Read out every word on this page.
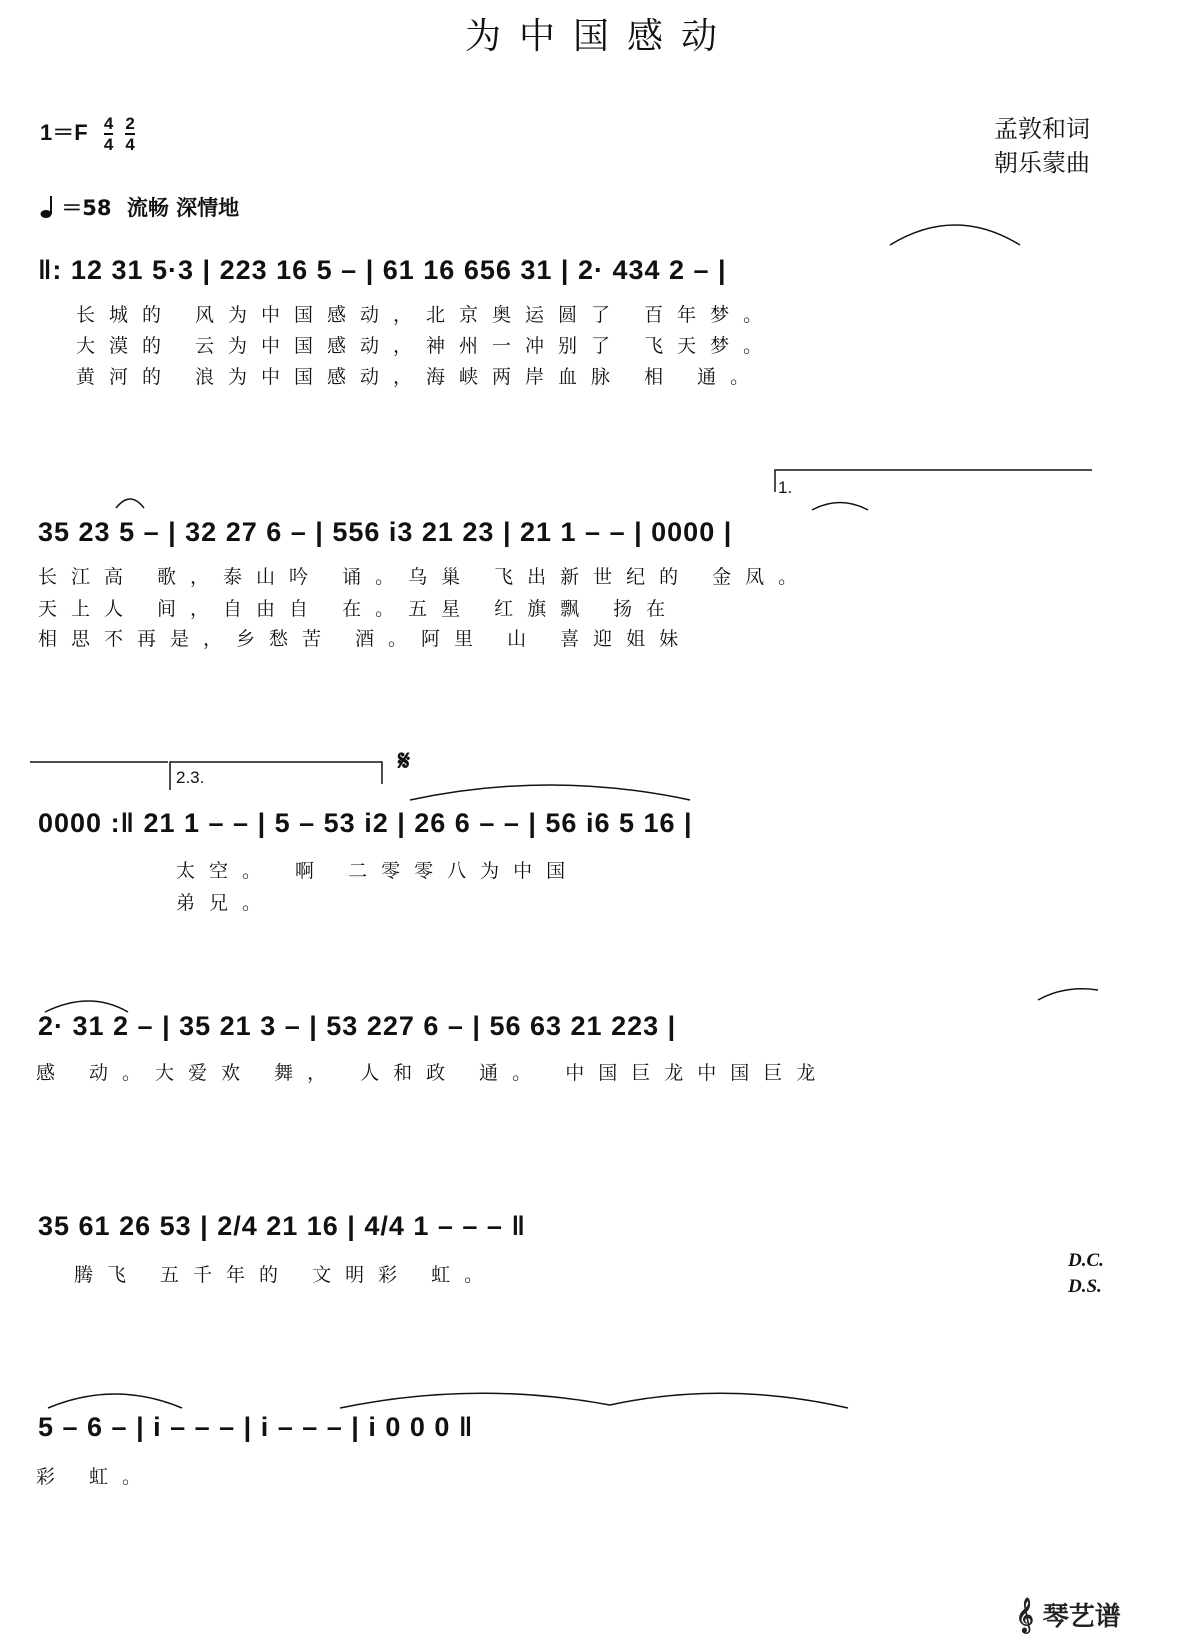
为中国感动
$1=F \frac{4}{4}$
$\frac{2}{4}$	孟敦和词
朝乐蒙曲
＝58 流畅 深情地
‖: 12 31 5·3 | 223 16 5 – | 61 16 656 31 | 2· 434 2 – |
长城的 风为中国感动，北京奥运圆了 百年梦。
大漠的 云为中国感动，神州一冲别了 飞天梦。
黄河的 浪为中国感动，海峡两岸血脉 相 通。
1.
35 23 5 – | 32 27 6 – | 556 i3 21 23 | 21 1 – – | 0000 |
长江高 歌，泰山吟 诵。乌巢 飞出新世纪的 金凤。
天上人 间，自由自 在。五星 红旗飘 扬在
相思不再是，乡愁苦 酒。阿里 山 喜迎姐妹
2.3.
𝄋
0000 :‖ 21 1 – – | 5 – 53 i2 | 26 6 – – | 56 i6 5 16 |
太空。 啊 二零零八为中国
弟兄。
2· 31 2 – | 35 21 3 – | 53 227 6 – | 56 63 21 223 |
感 动。大爱欢 舞， 人和政 通。 中国巨龙中国巨龙
35 61 26 53 | 2/4 21 16 | 4/4 1 – – – ‖
腾飞 五千年的 文明彩 虹。
D.C.
D.S.
5 – 6 – | i – – – | i – – – | i 0 0 0 ‖
彩 虹。
𝄞 琴艺谱
